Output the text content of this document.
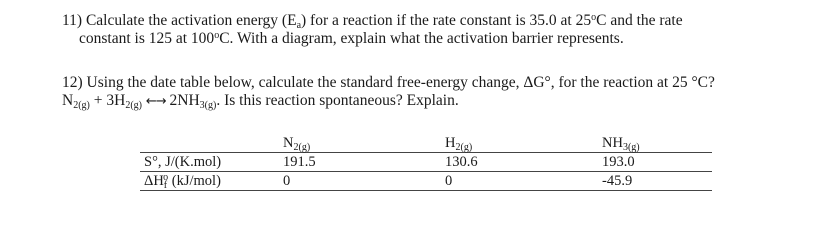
11) Calculate the activation energy $(E_a)$ for a reaction if the rate constant is 35.0 at 25$^o$C and the rate
constant is 125 at 100$^o$C. With a diagram, explain what the activation barrier represents.
12) Using the date table below, calculate the standard free-energy change, ΔG°, for the reaction at 25 °C?
$N_{2(g)} + 3H_{2(g)}$ ←→ $2NH_{3(g)}$. Is this reaction spontaneous? Explain.
	$N_{2(g)}$	$H_{2(g)}$	$NH_{3(g)}$
S°, J/(K.mol)	191.5	130.6	193.0
$\Delta H_f^o$ (kJ/mol)	0	0	-45.9
